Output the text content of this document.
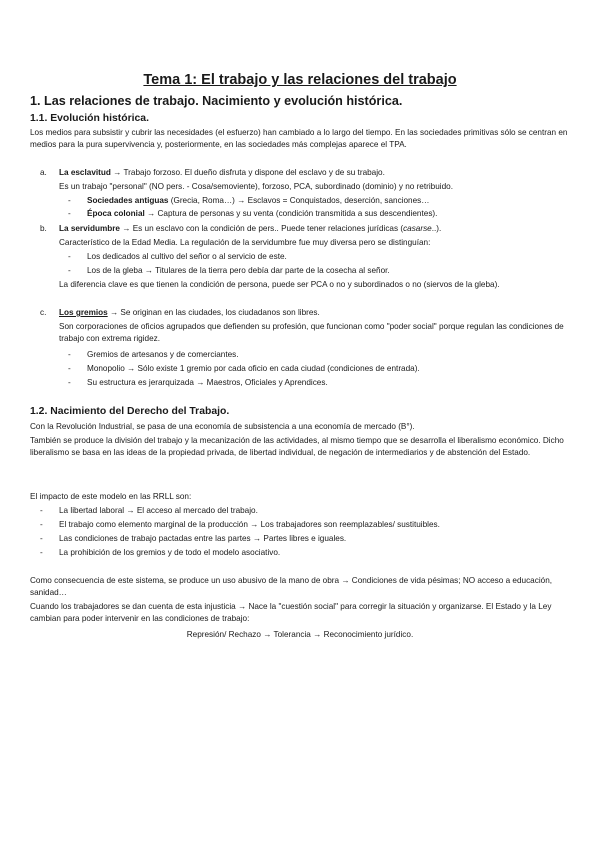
Tema 1: El trabajo y las relaciones del trabajo
1. Las relaciones de trabajo. Nacimiento y evolución histórica.
1.1. Evolución histórica.

Los medios para subsistir y cubrir las necesidades (el esfuerzo) han cambiado a lo largo del tiempo. En las sociedades primitivas sólo se centran en medios para la pura supervivencia y, posteriormente, en las sociedades más complejas aparece el TPA.

a. La esclavitud → Trabajo forzoso. El dueño disfruta y dispone del esclavo y de su trabajo.
Es un trabajo "personal" (NO pers. - Cosa/semoviente), forzoso, PCA, subordinado (dominio) y no retribuido.
- Sociedades antiguas (Grecia, Roma…) → Esclavos = Conquistados, deserción, sanciones…
- Época colonial → Captura de personas y su venta (condición transmitida a sus descendientes).
b. La servidumbre → Es un esclavo con la condición de pers.. Puede tener relaciones jurídicas (casarse..).
Característico de la Edad Media. La regulación de la servidumbre fue muy diversa pero se distinguían:
- Los dedicados al cultivo del señor o al servicio de este.
- Los de la gleba → Titulares de la tierra pero debía dar parte de la cosecha al señor.
La diferencia clave es que tienen la condición de persona, puede ser PCA o no y subordinados o no (siervos de la gleba).
c. Los gremios → Se originan en las ciudades, los ciudadanos son libres.
Son corporaciones de oficios agrupados que defienden su profesión, que funcionan como "poder social" porque regulan las condiciones de trabajo con extrema rigidez.
- Gremios de artesanos y de comerciantes.
- Monopolio → Sólo existe 1 gremio por cada oficio en cada ciudad (condiciones de entrada).
- Su estructura es jerarquizada → Maestros, Oficiales y Aprendices.
1.2. Nacimiento del Derecho del Trabajo.

Con la Revolución Industrial, se pasa de una economía de subsistencia a una economía de mercado (B°).

También se produce la división del trabajo y la mecanización de las actividades, al mismo tiempo que se desarrolla el liberalismo económico. Dicho liberalismo se basa en las ideas de la propiedad privada, de libertad individual, de negación de intermediarios y de abstención del Estado.

El impacto de este modelo en las RRLL son:

- La libertad laboral → El acceso al mercado del trabajo.
- El trabajo como elemento marginal de la producción → Los trabajadores son reemplazables/ sustituibles.
- Las condiciones de trabajo pactadas entre las partes → Partes libres e iguales.
- La prohibición de los gremios y de todo el modelo asociativo.

Como consecuencia de este sistema, se produce un uso abusivo de la mano de obra → Condiciones de vida pésimas; NO acceso a educación, sanidad…

Cuando los trabajadores se dan cuenta de esta injusticia → Nace la "cuestión social" para corregir la situación y organizarse. El Estado y la Ley cambian para poder intervenir en las condiciones de trabajo:

Represión/ Rechazo → Tolerancia → Reconocimiento jurídico.
